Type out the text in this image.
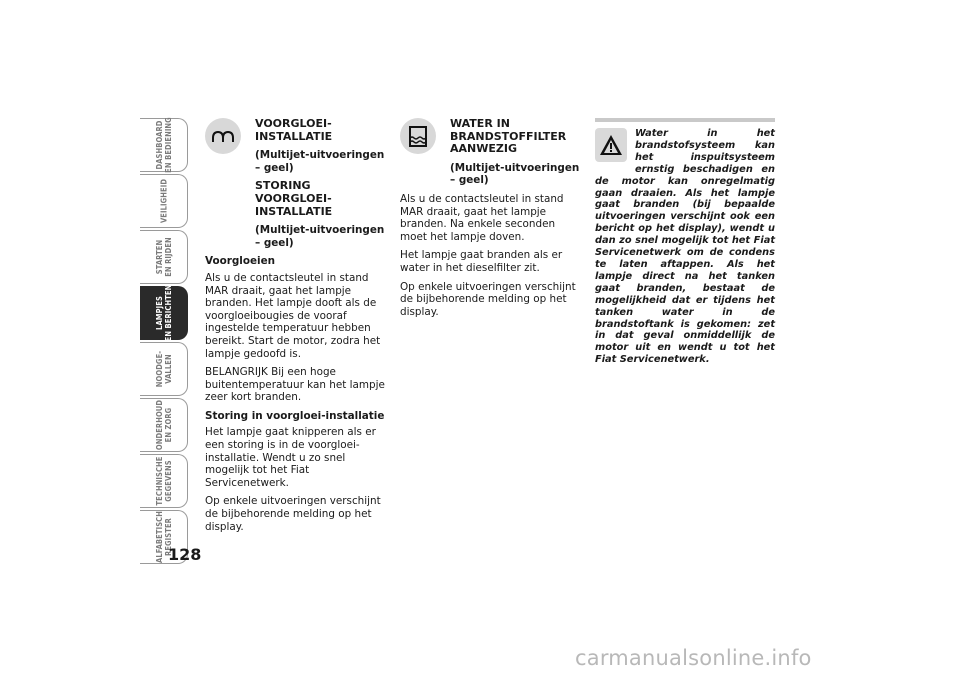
DASHBOARD
EN BEDIENING
VEILIGHEID
STARTEN
EN RIJDEN
LAMPJES
EN BERICHTEN
NOODGE-
VALLEN
ONDERHOUD
EN ZORG
TECHNISCHE
GEGEVENS
ALFABETISCH
REGISTER
128

VOORGLOEI-
INSTALLATIE

(Multijet-uitvoeringen
– geel)

STORING VOORGLOEI-
INSTALLATIE

(Multijet-uitvoeringen
– geel)

Voorgloeien

Als u de contactsleutel in stand MAR draait, gaat het lampje branden. Het lampje dooft als de voorgloeibougies de vooraf ingestelde temperatuur hebben bereikt. Start de motor, zodra het lampje gedoofd is.

BELANGRIJK Bij een hoge buitentemperatuur kan het lampje zeer kort branden.

Storing in voorgloei-installatie

Het lampje gaat knipperen als er een storing is in de voorgloei-installatie. Wendt u zo snel mogelijk tot het Fiat Servicenetwerk.

Op enkele uitvoeringen verschijnt de bijbehorende melding op het display.

WATER IN
BRANDSTOFFILTER
AANWEZIG

(Multijet-uitvoeringen
– geel)

Als u de contactsleutel in stand MAR draait, gaat het lampje branden. Na enkele seconden moet het lampje doven.

Het lampje gaat branden als er water in het dieselfilter zit.

Op enkele uitvoeringen verschijnt de bijbehorende melding op het display.

Water in het brandstofsysteem kan het inspuitsysteem ernstig beschadigen en de motor kan onregelmatig gaan draaien. Als het lampje gaat branden (bij bepaalde uitvoeringen verschijnt ook een bericht op het display), wendt u dan zo snel mogelijk tot het Fiat Servicenetwerk om de condens te laten aftappen. Als het lampje direct na het tanken gaat branden, bestaat de mogelijkheid dat er tijdens het tanken water in de brandstoftank is gekomen: zet in dat geval onmiddellijk de motor uit en wendt u tot het Fiat Servicenetwerk.
carmanualsonline.info
